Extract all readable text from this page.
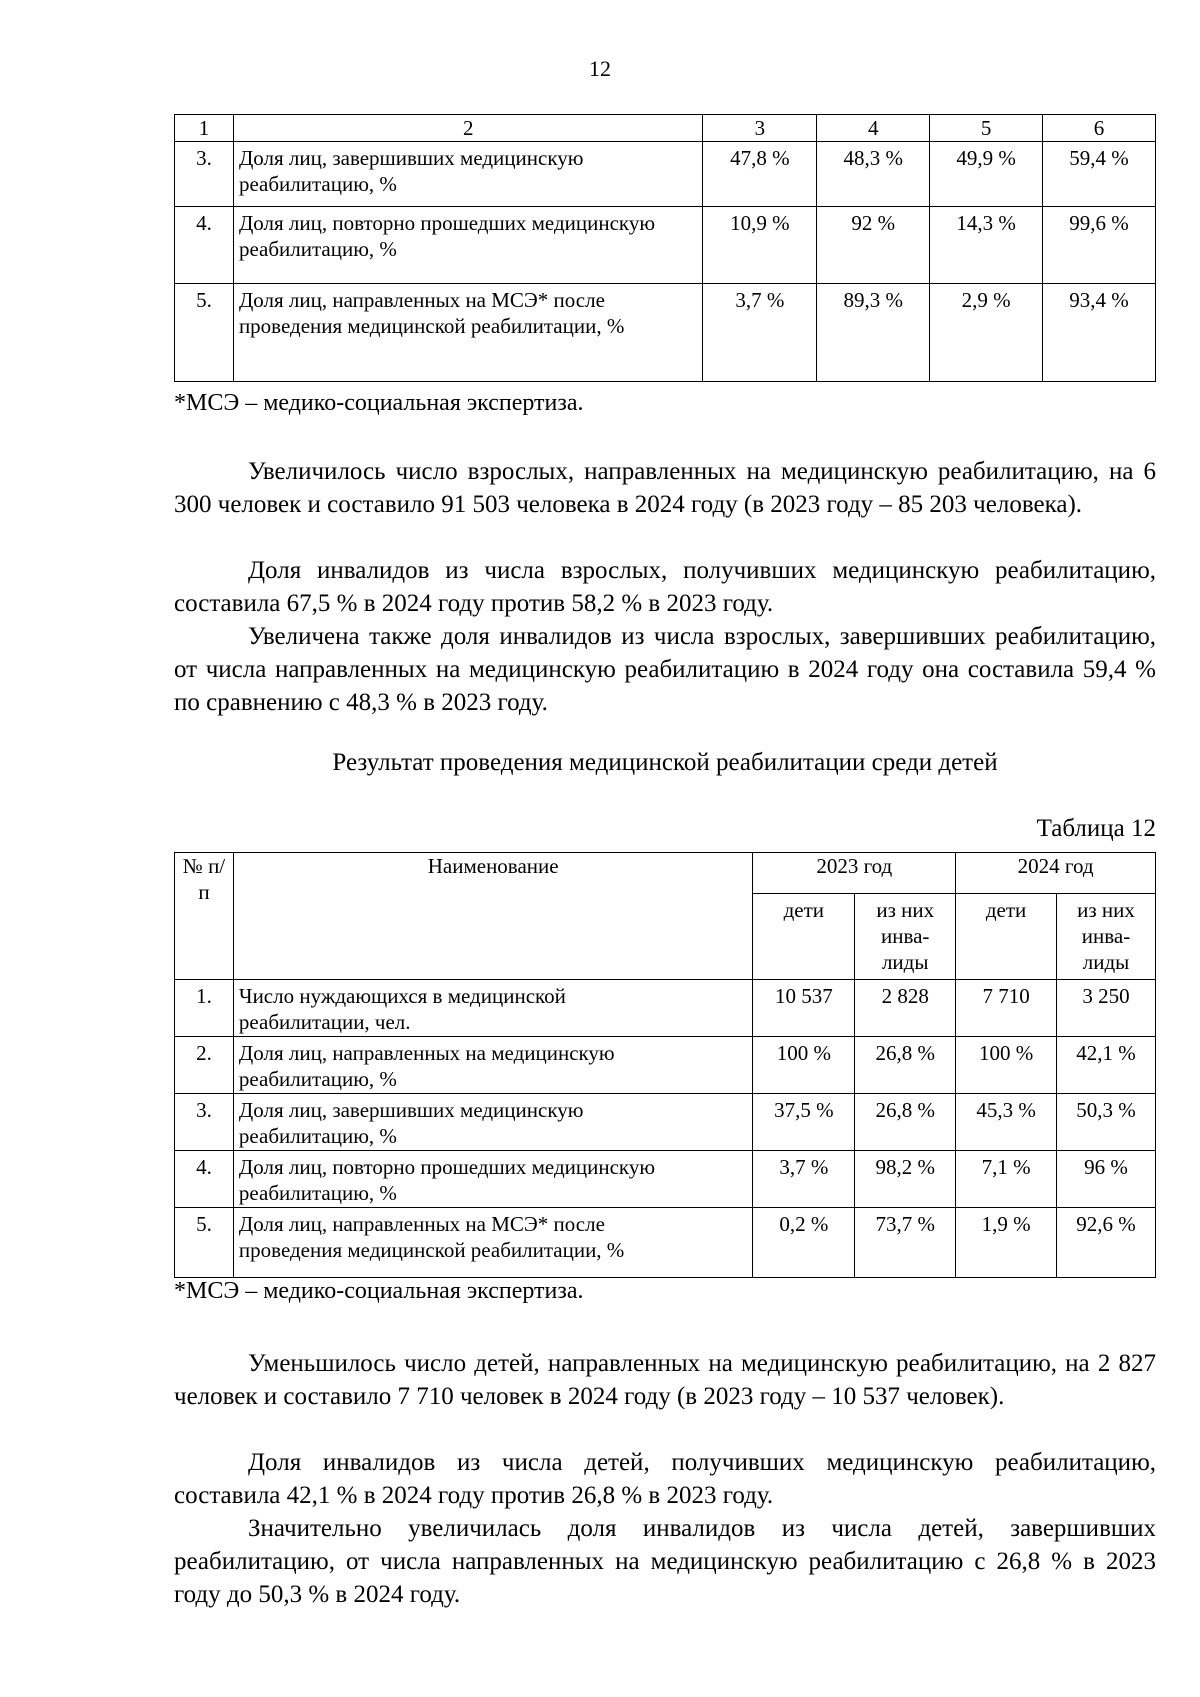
12
1	2	3	4	5	6
3.	Доля лиц, завершивших медицинскую реабилитацию, %	47,8 %	48,3 %	49,9 %	59,4 %
4.	Доля лиц, повторно прошедших медицинскую реабилитацию, %	10,9 %	92 %	14,3 %	99,6 %
5.	Доля лиц, направленных на МСЭ* после проведения медицинской реабилитации, %	3,7 %	89,3 %	2,9 %	93,4 %
*МСЭ – медико-социальная экспертиза.

Увеличилось число взрослых, направленных на медицинскую реабилитацию, на 6 300 человек и составило 91 503 человека в 2024 году (в 2023 году – 85 203 человека).

Доля инвалидов из числа взрослых, получивших медицинскую реабилитацию, составила 67,5 % в 2024 году против 58,2 % в 2023 году.

Увеличена также доля инвалидов из числа взрослых, завершивших реабилитацию, от числа направленных на медицинскую реабилитацию в 2024 году она составила 59,4 % по сравнению с 48,3 % в 2023 году.

Результат проведения медицинской реабилитации среди детей
Таблица 12
№ п/п	Наименование	2023 год		2024 год	
		дети	из них инва-лиды	дети	из них инва-лиды
1.	Число нуждающихся в медицинской реабилитации, чел.	10 537	2 828	7 710	3 250
2.	Доля лиц, направленных на медицинскую реабилитацию, %	100 %	26,8 %	100 %	42,1 %
3.	Доля лиц, завершивших медицинскую реабилитацию, %	37,5 %	26,8 %	45,3 %	50,3 %
4.	Доля лиц, повторно прошедших медицинскую реабилитацию, %	3,7 %	98,2 %	7,1 %	96 %
5.	Доля лиц, направленных на МСЭ* после проведения медицинской реабилитации, %	0,2 %	73,7 %	1,9 %	92,6 %
*МСЭ – медико-социальная экспертиза.

Уменьшилось число детей, направленных на медицинскую реабилитацию, на 2 827 человек и составило 7 710 человек в 2024 году (в 2023 году – 10 537 человек).

Доля инвалидов из числа детей, получивших медицинскую реабилитацию, составила 42,1 % в 2024 году против 26,8 % в 2023 году.

Значительно увеличилась доля инвалидов из числа детей, завершивших реабилитацию, от числа направленных на медицинскую реабилитацию с 26,8 % в 2023 году до 50,3 % в 2024 году.
